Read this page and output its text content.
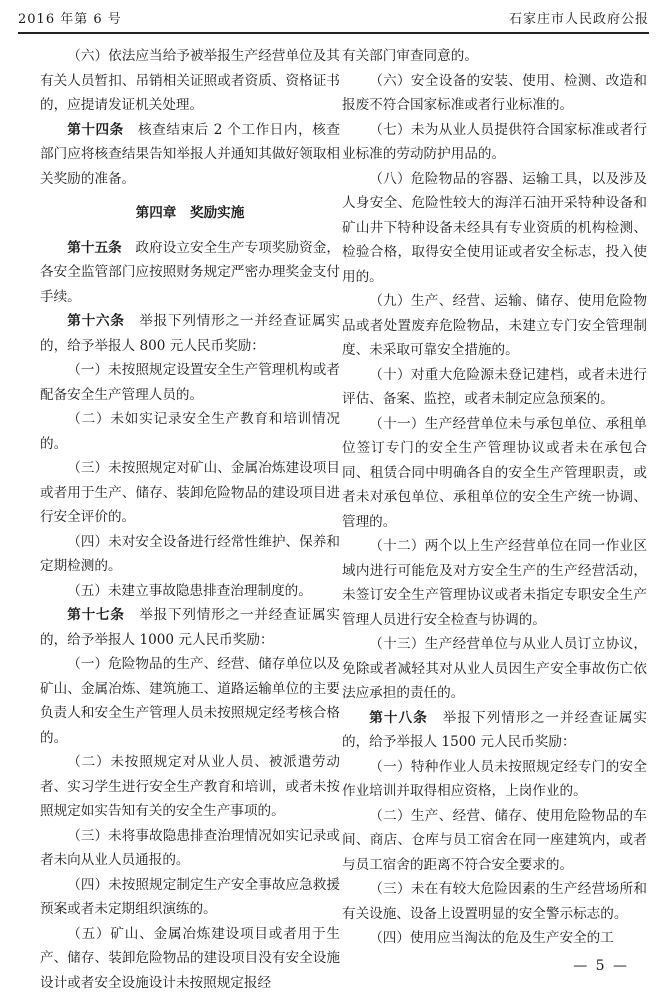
2016 年第 6 号	石家庄市人民政府公报

（六）依法应当给予被举报生产经营单位及其有关人员暂扣、吊销相关证照或者资质、资格证书的，应提请发证机关处理。

第十四条　 核查结束后 2 个工作日内，核查部门应将核查结果告知举报人并通知其做好领取相关奖励的准备。

第四章　奖励实施

第十五条　 政府设立安全生产专项奖励资金，各安全监管部门应按照财务规定严密办理奖金支付手续。

第十六条　 举报下列情形之一并经查证属实的，给予举报人 800 元人民币奖励：

（一）未按照规定设置安全生产管理机构或者配备安全生产管理人员的。

（二）未如实记录安全生产教育和培训情况的。

（三）未按照规定对矿山、金属冶炼建设项目或者用于生产、储存、装卸危险物品的建设项目进行安全评价的。

（四）未对安全设备进行经常性维护、保养和定期检测的。

（五）未建立事故隐患排查治理制度的。

第十七条　 举报下列情形之一并经查证属实的，给予举报人 1000 元人民币奖励：

（一）危险物品的生产、经营、储存单位以及矿山、金属冶炼、建筑施工、道路运输单位的主要负责人和安全生产管理人员未按照规定经考核合格的。

（二）未按照规定对从业人员、被派遣劳动者、实习学生进行安全生产教育和培训，或者未按照规定如实告知有关的安全生产事项的。

（三）未将事故隐患排查治理情况如实记录或者未向从业人员通报的。

（四）未按照规定制定生产安全事故应急救援预案或者未定期组织演练的。

（五）矿山、金属冶炼建设项目或者用于生产、储存、装卸危险物品的建设项目没有安全设施设计或者安全设施设计未按照规定报经

有关部门审查同意的。

（六）安全设备的安装、使用、检测、改造和报废不符合国家标准或者行业标准的。

（七）未为从业人员提供符合国家标准或者行业标准的劳动防护用品的。

（八）危险物品的容器、运输工具，以及涉及人身安全、危险性较大的海洋石油开采特种设备和矿山井下特种设备未经具有专业资质的机构检测、检验合格，取得安全使用证或者安全标志，投入使用的。

（九）生产、经营、运输、储存、使用危险物品或者处置废弃危险物品，未建立专门安全管理制度、未采取可靠安全措施的。

（十）对重大危险源未登记建档，或者未进行评估、备案、监控，或者未制定应急预案的。

（十一）生产经营单位未与承包单位、承租单位签订专门的安全生产管理协议或者未在承包合同、租赁合同中明确各自的安全生产管理职责，或者未对承包单位、承租单位的安全生产统一协调、管理的。

（十二）两个以上生产经营单位在同一作业区域内进行可能危及对方安全生产的生产经营活动，未签订安全生产管理协议或者未指定专职安全生产管理人员进行安全检查与协调的。

（十三）生产经营单位与从业人员订立协议，免除或者减轻其对从业人员因生产安全事故伤亡依法应承担的责任的。

第十八条　 举报下列情形之一并经查证属实的，给予举报人 1500 元人民币奖励：

（一）特种作业人员未按照规定经专门的安全作业培训并取得相应资格，上岗作业的。

（二）生产、经营、储存、使用危险物品的车间、商店、仓库与员工宿舍在同一座建筑内，或者与员工宿舍的距离不符合安全要求的。

（三）未在有较大危险因素的生产经营场所和有关设施、设备上设置明显的安全警示标志的。

（四）使用应当淘汰的危及生产安全的工

— 5 —
